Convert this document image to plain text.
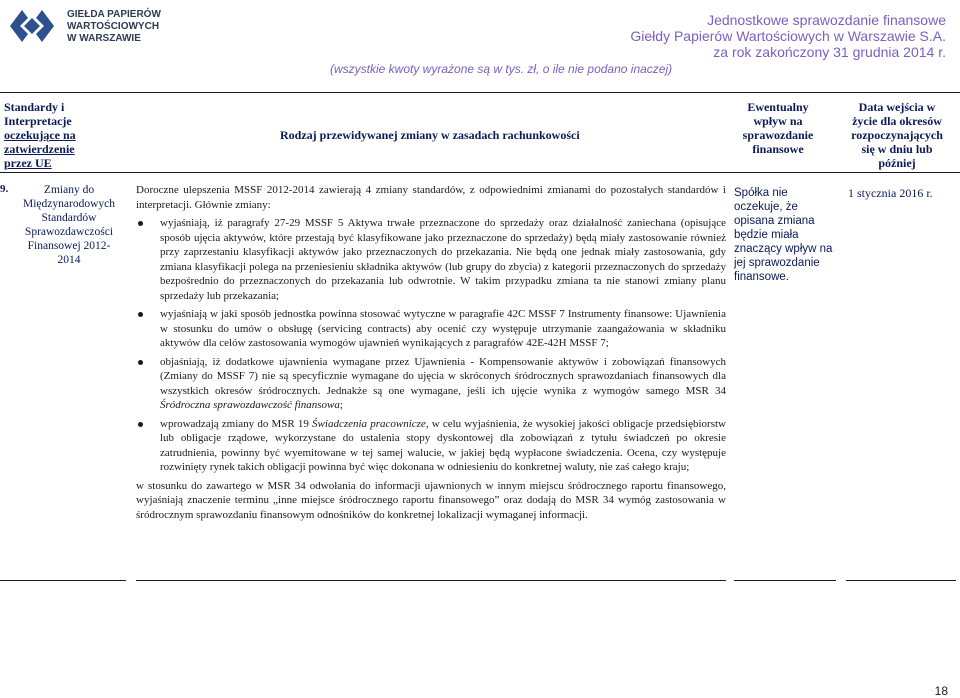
GIEŁDA PAPIERÓW
WARTOŚCIOWYCH
W WARSZAWIE
Jednostkowe sprawozdanie finansowe
Giełdy Papierów Wartościowych w Warszawie S.A.
za rok zakończony 31 grudnia 2014 r.
(wszystkie kwoty wyrażone są w tys. zł, o ile nie podano inaczej)
Standardy i
Interpretacje
oczekujące na
zatwierdzenie
przez UE
Rodzaj przewidywanej zmiany w zasadach rachunkowości
Ewentualny
wpływ na
sprawozdanie
finansowe
Data wejścia w
życie dla okresów
rozpoczynających
się w dniu lub
później
9.	Zmiany do
Międzynarodowych
Standardów
Sprawozdawczości
Finansowej 2012-
2014

Doroczne ulepszenia MSSF 2012-2014 zawierają 4 zmiany standardów, z odpowiednimi zmianami do pozostałych standardów i interpretacji. Głównie zmiany:

wyjaśniają, iż paragrafy 27-29 MSSF 5 Aktywa trwałe przeznaczone do sprzedaży oraz działalność zaniechana (opisujące sposób ujęcia aktywów, które przestają być klasyfikowane jako przeznaczone do sprzedaży) będą miały zastosowanie również przy zaprzestaniu klasyfikacji aktywów jako przeznaczonych do przekazania. Nie będą one jednak miały zastosowania, gdy zmiana klasyfikacji polega na przeniesieniu składnika aktywów (lub grupy do zbycia) z kategorii przeznaczonych do sprzedaży bezpośrednio do przeznaczonych do przekazania lub odwrotnie. W takim przypadku zmiana ta nie stanowi zmiany planu sprzedaży lub przekazania;
wyjaśniają w jaki sposób jednostka powinna stosować wytyczne w paragrafie 42C MSSF 7 Instrumenty finansowe: Ujawnienia w stosunku do umów o obsługę (servicing contracts) aby ocenić czy występuje utrzymanie zaangażowania w składniku aktywów dla celów zastosowania wymogów ujawnień wynikających z paragrafów 42E-42H MSSF 7;
objaśniają, iż dodatkowe ujawnienia wymagane przez Ujawnienia - Kompensowanie aktywów i zobowiązań finansowych (Zmiany do MSSF 7) nie są specyficznie wymagane do ujęcia w skróconych śródrocznych sprawozdaniach finansowych dla wszystkich okresów śródrocznych. Jednakże są one wymagane, jeśli ich ujęcie wynika z wymogów samego MSR 34 Śródroczna sprawozdawczość finansowa;
wprowadzają zmiany do MSR 19 Świadczenia pracownicze, w celu wyjaśnienia, że wysokiej jakości obligacje przedsiębiorstw lub obligacje rządowe, wykorzystane do ustalenia stopy dyskontowej dla zobowiązań z tytułu świadczeń po okresie zatrudnienia, powinny być wyemitowane w tej samej walucie, w jakiej będą wypłacone świadczenia. Ocena, czy występuje rozwinięty rynek takich obligacji powinna być więc dokonana w odniesieniu do konkretnej waluty, nie zaś całego kraju;

w stosunku do zawartego w MSR 34 odwołania do informacji ujawnionych w innym miejscu śródrocznego raportu finansowego, wyjaśniają znaczenie terminu „inne miejsce śródrocznego raportu finansowego” oraz dodają do MSR 34 wymóg zastosowania w śródrocznym sprawozdaniu finansowym odnośników do konkretnej lokalizacji wymaganej informacji.

Spółka nie oczekuje, że opisana zmiana będzie miała znaczący wpływ na jej sprawozdanie finansowe.
1 stycznia 2016 r.
18
